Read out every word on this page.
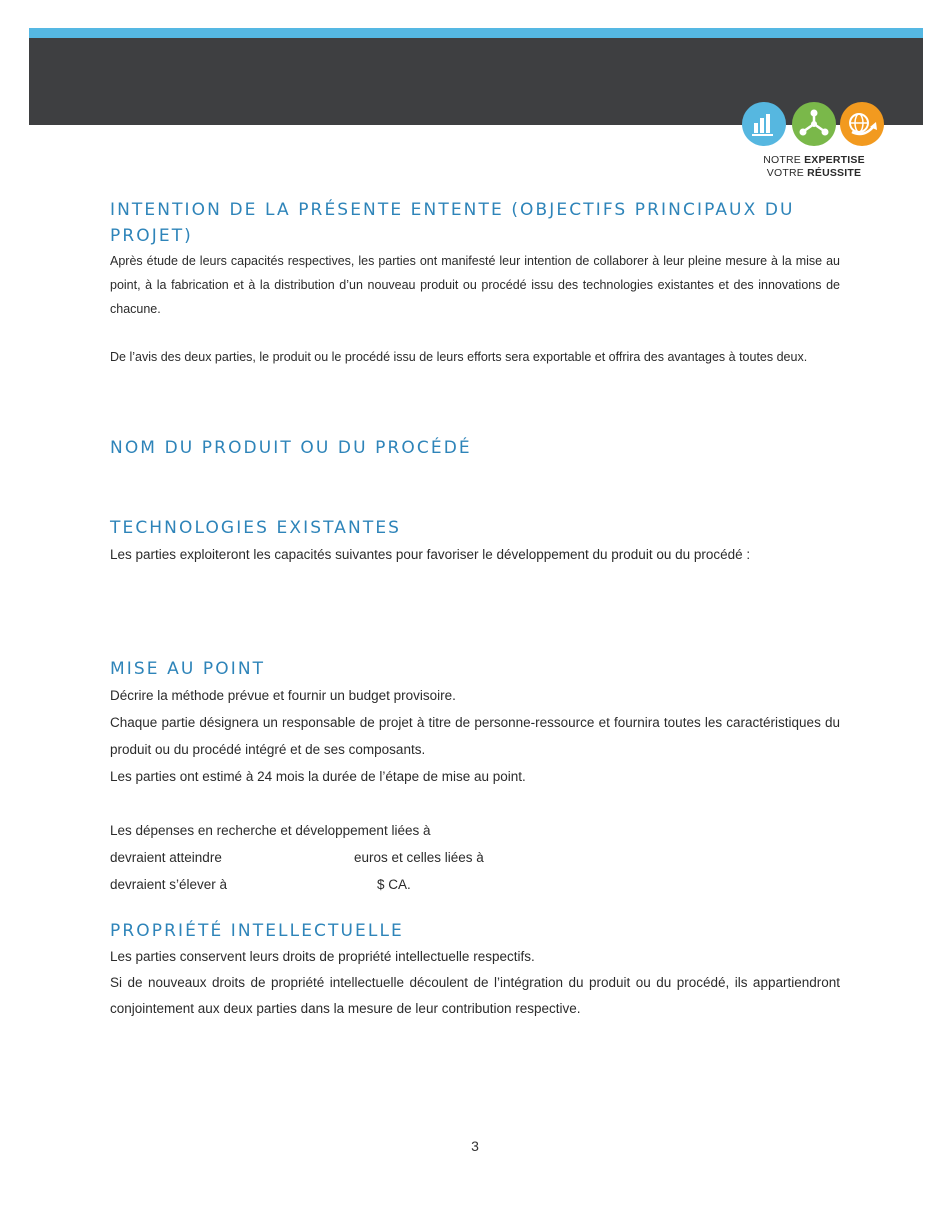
NOTRE EXPERTISE
VOTRE RÉUSSITE
INTENTION DE LA PRÉSENTE ENTENTE (OBJECTIFS PRINCIPAUX DU PROJET)

Après étude de leurs capacités respectives, les parties ont manifesté leur intention de collaborer à leur pleine mesure à la mise au point, à la fabrication et à la distribution d’un nouveau produit ou procédé issu des technologies existantes et des innovations de chacune.

De l’avis des deux parties, le produit ou le procédé issu de leurs efforts sera exportable et offrira des avantages à toutes deux.

NOM DU PRODUIT OU DU PROCÉDÉ
TECHNOLOGIES EXISTANTES

Les parties exploiteront les capacités suivantes pour favoriser le développement du produit ou du procédé :

MISE AU POINT

Décrire la méthode prévue et fournir un budget provisoire.

Chaque partie désignera un responsable de projet à titre de personne-ressource et fournira toutes les caractéristiques du produit ou du procédé intégré et de ses composants.

Les parties ont estimé à 24 mois la durée de l’étape de mise au point.

Les dépenses en recherche et développement liées à

devraient atteindre	euros et celles liées à

devraient s’élever à	$ CA.

PROPRIÉTÉ INTELLECTUELLE

Les parties conservent leurs droits de propriété intellectuelle respectifs.

Si de nouveaux droits de propriété intellectuelle découlent de l’intégration du produit ou du procédé, ils appartiendront conjointement aux deux parties dans la mesure de leur contribution respective.

3
